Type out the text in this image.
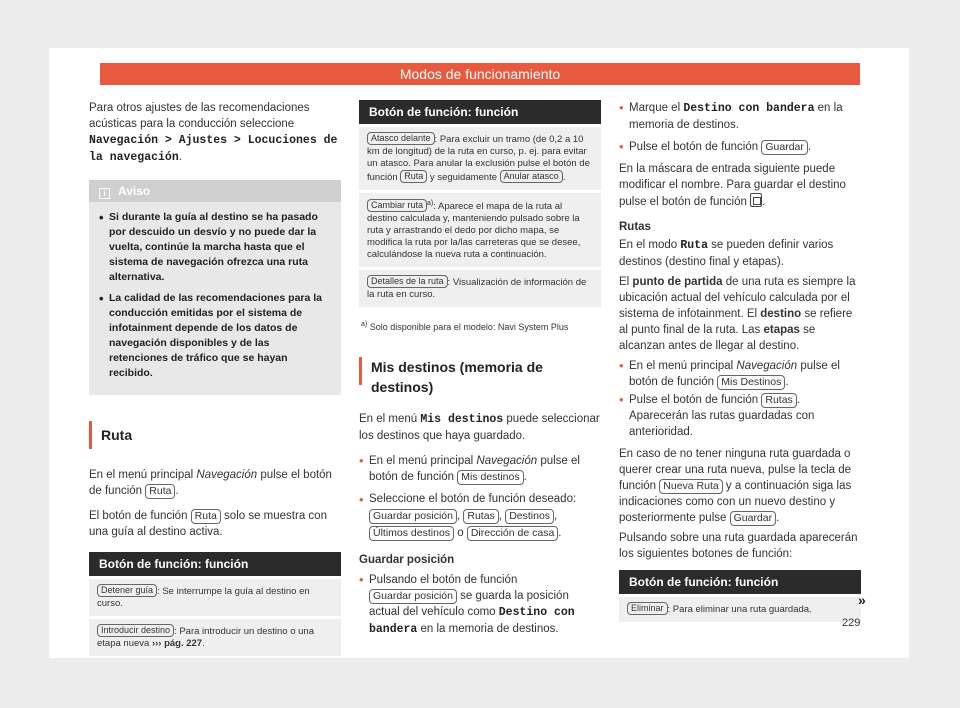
Modos de funcionamiento

Para otros ajustes de las recomendaciones acústicas para la conducción seleccione Navegación > Ajustes > Locuciones de la navegación.

i Aviso
• Si durante la guía al destino se ha pasado por descuido un desvío y no puede dar la vuelta, continúe la marcha hasta que el sistema de navegación ofrezca una ruta alternativa.
• La calidad de las recomendaciones para la conducción emitidas por el sistema de infotainment depende de los datos de navegación disponibles y de las retenciones de tráfico que se hayan recibido.
Ruta

En el menú principal Navegación pulse el botón de función Ruta .

El botón de función Ruta solo se muestra con una guía al destino activa.

Botón de función: función
Detener guía : Se interrumpe la guía al destino en curso.
Introducir destino : Para introducir un destino o una etapa nueva ››› pág. 227.
Botón de función: función
Atasco delante : Para excluir un tramo (de 0,2 a 10 km de longitud) de la ruta en curso, p. ej. para evitar un atasco. Para anular la exclusión pulse el botón de función Ruta y seguidamente Anular atasco .
Cambiar ruta $^{a)}$: Aparece el mapa de la ruta al destino calculada y, manteniendo pulsado sobre la ruta y arrastrando el dedo por dicho mapa, se modifica la ruta por la/las carreteras que se desee, calculándose la nueva ruta a continuación.
Detalles de la ruta : Visualización de información de la ruta en curso.
$^{a)}$ Solo disponible para el modelo: Navi System Plus
Mis destinos (memoria de destinos)

En el menú Mis destinos puede seleccionar los destinos que haya guardado.

• En el menú principal Navegación pulse el botón de función Mis destinos .
• Seleccione el botón de función deseado: Guardar posición , Rutas , Destinos , Últimos destinos o Dirección de casa .
Guardar posición
• Pulsando el botón de función Guardar posición se guarda la posición actual del vehículo como Destino con bandera en la memoria de destinos.
• Marque el Destino con bandera en la memoria de destinos.
• Pulse el botón de función Guardar .

En la máscara de entrada siguiente puede modificar el nombre. Para guardar el destino pulse el botón de función .

Rutas

En el modo Ruta se pueden definir varios destinos (destino final y etapas).

El punto de partida de una ruta es siempre la ubicación actual del vehículo calculada por el sistema de infotainment. El destino se refiere al punto final de la ruta. Las etapas se alcanzan antes de llegar al destino.

• En el menú principal Navegación pulse el botón de función Mis Destinos .
• Pulse el botón de función Rutas . Aparecerán las rutas guardadas con anterioridad.

En caso de no tener ninguna ruta guardada o querer crear una ruta nueva, pulse la tecla de función Nueva Ruta y a continuación siga las indicaciones como con un nuevo destino y posteriormente pulse Guardar .

Pulsando sobre una ruta guardada aparecerán los siguientes botones de función:

Botón de función: función
Eliminar : Para eliminar una ruta guardada.
»
229
